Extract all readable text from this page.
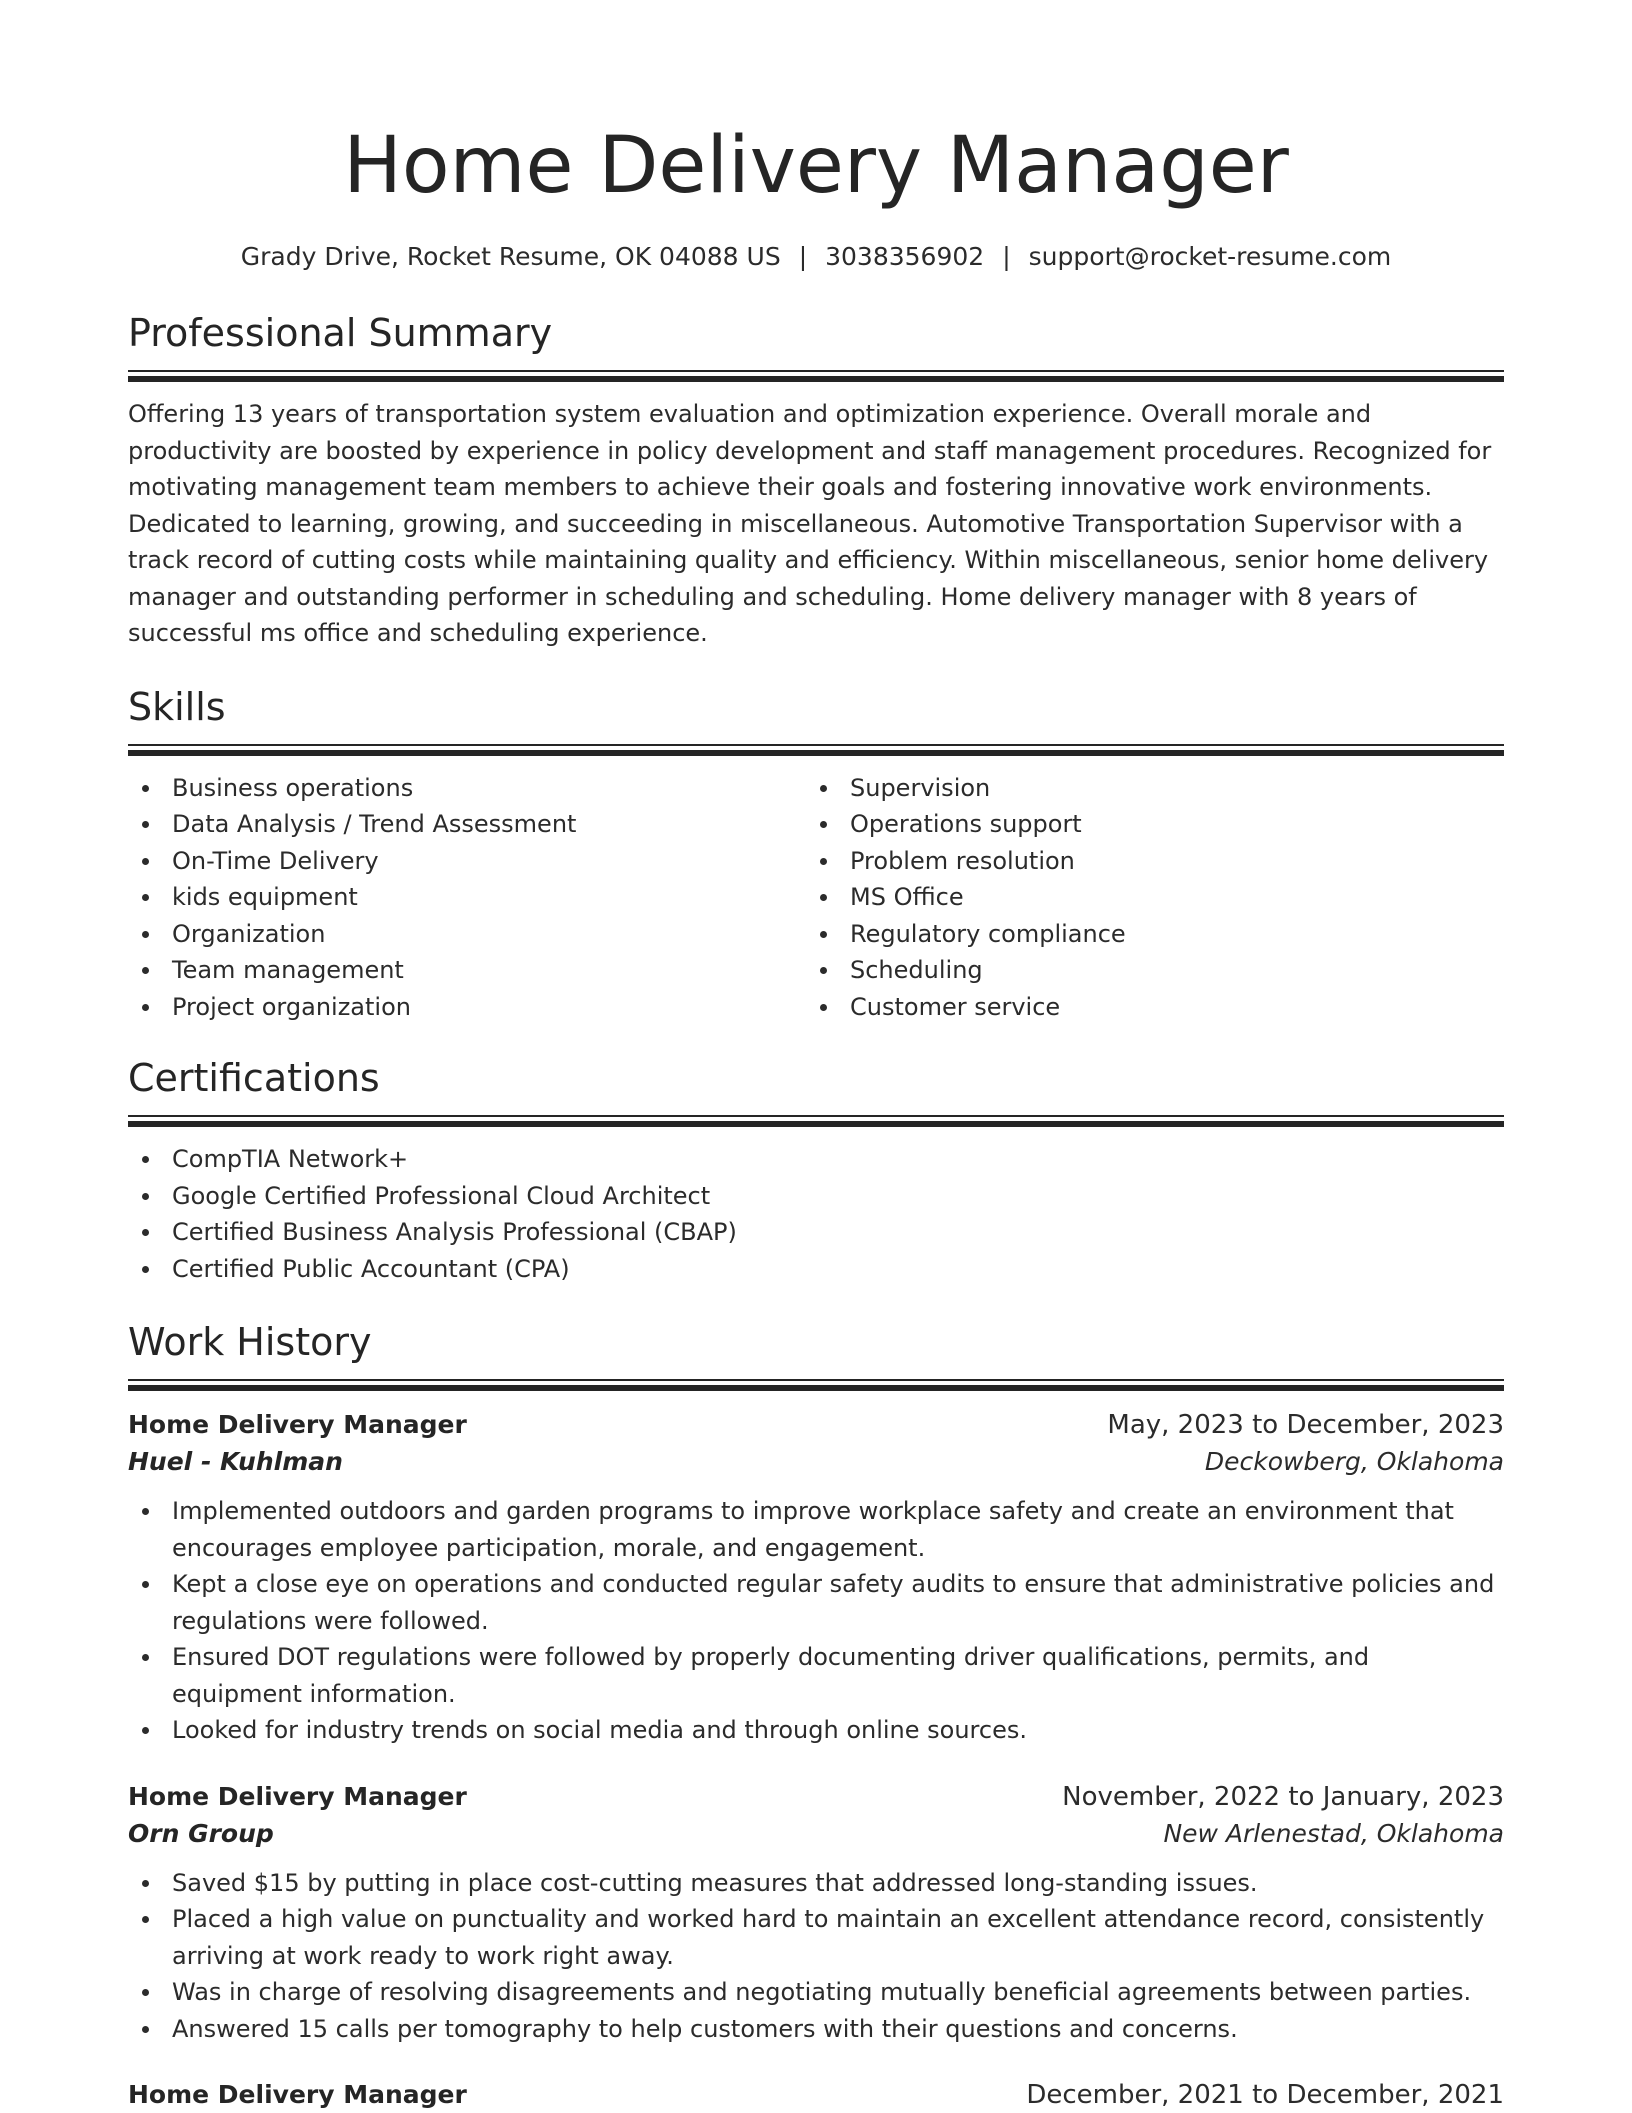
Home Delivery Manager
Grady Drive, Rocket Resume, OK 04088 US | 3038356902 | support@rocket-resume.com
Professional Summary
Offering 13 years of transportation system evaluation and optimization experience. Overall morale and productivity are boosted by experience in policy development and staff management procedures. Recognized for motivating management team members to achieve their goals and fostering innovative work environments. Dedicated to learning, growing, and succeeding in miscellaneous. Automotive Transportation Supervisor with a track record of cutting costs while maintaining quality and efficiency. Within miscellaneous, senior home delivery manager and outstanding performer in scheduling and scheduling. Home delivery manager with 8 years of successful ms office and scheduling experience.
Skills
Business operations
Data Analysis / Trend Assessment
On-Time Delivery
kids equipment
Organization
Team management
Project organization
Supervision
Operations support
Problem resolution
MS Office
Regulatory compliance
Scheduling
Customer service
Certifications
CompTIA Network+
Google Certified Professional Cloud Architect
Certified Business Analysis Professional (CBAP)
Certified Public Accountant (CPA)
Work History
Home Delivery Manager	May, 2023 to December, 2023
Huel - Kuhlman	Deckowberg, Oklahoma
Implemented outdoors and garden programs to improve workplace safety and create an environment that encourages employee participation, morale, and engagement.
Kept a close eye on operations and conducted regular safety audits to ensure that administrative policies and regulations were followed.
Ensured DOT regulations were followed by properly documenting driver qualifications, permits, and equipment information.
Looked for industry trends on social media and through online sources.
Home Delivery Manager	November, 2022 to January, 2023
Orn Group	New Arlenestad, Oklahoma
Saved $15 by putting in place cost-cutting measures that addressed long-standing issues.
Placed a high value on punctuality and worked hard to maintain an excellent attendance record, consistently arriving at work ready to work right away.
Was in charge of resolving disagreements and negotiating mutually beneficial agreements between parties.
Answered 15 calls per tomography to help customers with their questions and concerns.
Home Delivery Manager	December, 2021 to December, 2021
